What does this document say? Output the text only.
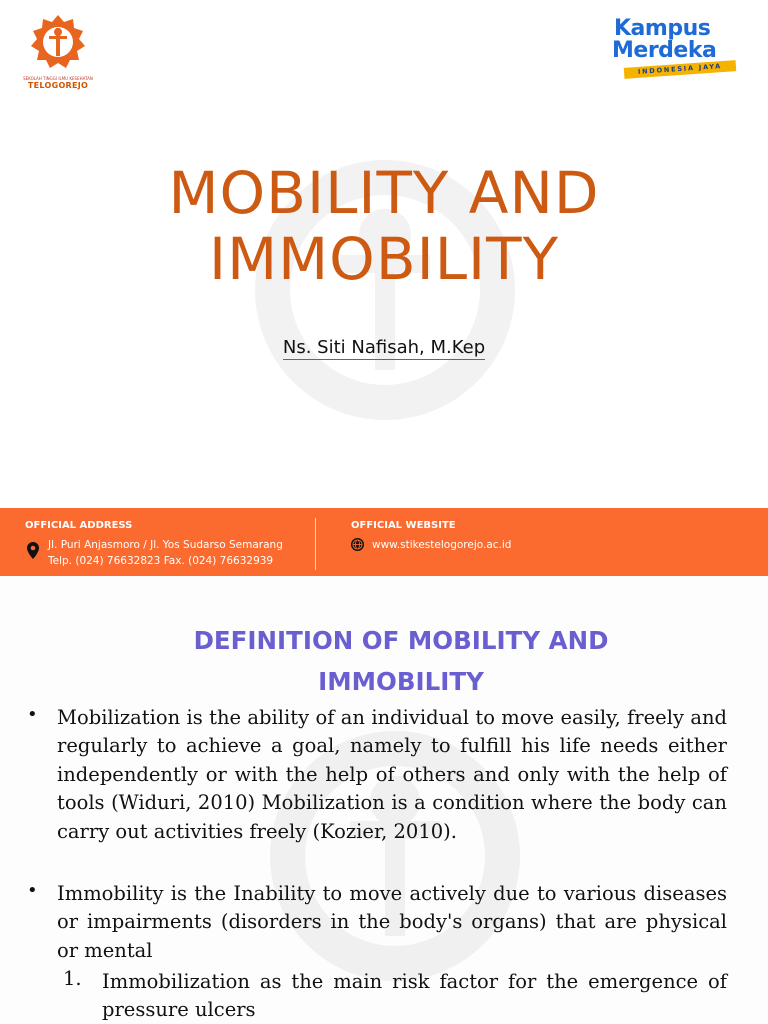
SEKOLAH TINGGI ILMU KESEHATAN
TELOGOREJO
Kampus
Merdeka
INDONESIA JAYA
MOBILITY AND
IMMOBILITY
Ns. Siti Nafisah, M.Kep
OFFICIAL ADDRESS
Jl. Puri Anjasmoro / Jl. Yos Sudarso Semarang
Telp. (024) 76632823 Fax. (024) 76632939
OFFICIAL WEBSITE
www.stikestelogorejo.ac.id
DEFINITION OF MOBILITY AND
IMMOBILITY
• Mobilization is the ability of an individual to move easily, freely and regularly to achieve a goal, namely to fulfill his life needs either independently or with the help of others and only with the help of tools (Widuri, 2010) Mobilization is a condition where the body can carry out activities freely (Kozier, 2010).
• Immobility is the Inability to move actively due to various diseases or impairments (disorders in the body's organs) that are physical or mental
1. Immobilization as the main risk factor for the emergence of pressure ulcers
